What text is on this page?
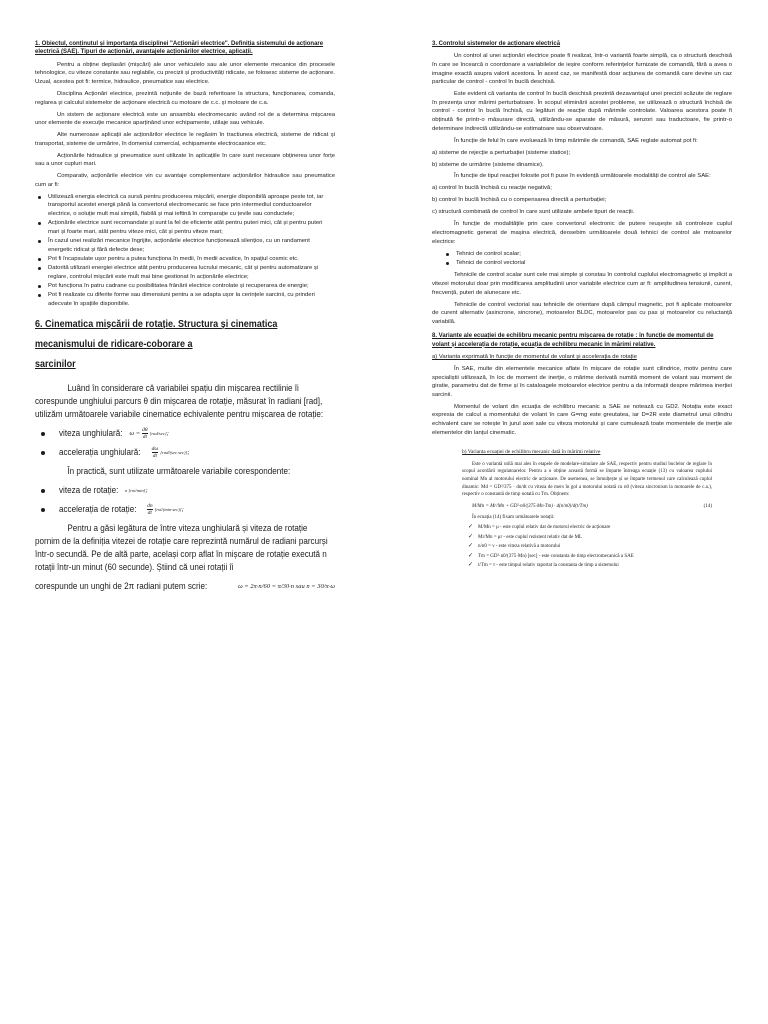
1. Obiectul, conținutul și importanța disciplinei "Acționări electrice". Definiția sistemului de acționare electrică (SAE). Tipuri de acționări, avantajele acționărilor electrice, aplicații.

Pentru a obține deplasări (mișcări) ale unor vehiculelo sau ale unor elemente mecanice din procesele tehnologice, cu viteze constante sau reglabile, cu precizii și productivități ridicate, se folosesc sisteme de acționare. Uzual, acestea pot fi: termice, hidraulice, pneumatice sau electrice.

Disciplina Acționări electrice, prezintă noțiunile de bază referitoare la structura, funcționarea, comanda, reglarea și calculul sistemelor de acționare electrică cu motoare de c.c. și motoare de c.a.

Un sistem de acționare electrică este un ansamblu electromecanic având rol de a determina mișcarea unor elemente de execuție mecanice aparținând unor echipamente, utilaje sau vehicule.

Alte numeroase aplicații ale acționărilor electrice le regăsim în tractiunea electrică, sisteme de ridicat și transportat, sisteme de urmărire, în domeniul comercial, echipamente electrocasnice etc.

Acționările hidraulice și pneumatice sunt utilizate în aplicațiile în care sunt necesare obținerea unor forțe sau a unor cupluri mari.

Comparativ, acționările electrice vin cu avantaje complementare acționărilor hidraulice sau pneumatice cum ar fi:

Utilizează energia electrică ca sursă pentru producerea mișcării, energie disponibilă aproape peste tot, iar transportul acestei energii până la convertorul electromecanic se face prin intermediul conductoarelor electrice, o soluție mult mai simplă, fiabilă și mai ieftină în comparație cu țevile sau conductele;
Acționările electrice sunt recomandate și sunt la fel de eficiente atât pentru puteri mici, cât și pentru puteri mari și foarte mari, atât pentru viteze mici, cât și pentru viteze mari;
În cazul unei realizări mecanice îngrijite, acționările electrice funcționează silențios, cu un randament energetic ridicat și fără defecte dese;
Pot fi încapsulate ușor pentru a putea funcționa în medii, în medii acvatice, în spațiul cosmic etc.
Datorită utilizarii energiei electrice atât pentru producerea lucrului mecanic, cât și pentru automatizare și reglare, controlul mișcării este mult mai bine gestionat în acționările electrice;
Pot funcționa în patru cadrane cu posibilitatea frânării electrice controlate și recuperarea de energie;
Pot fi realizate cu diferite forme sau dimensiuni pentru a se adapta ușor la cerințele sarcinii, cu prinderi adecvate în spațiile disponibile.
6. Cinematica mișcării de rotație. Structura și cinematica mecanismului de ridicare-coborare a
sarcinilor

Luând în considerare că variabilei spațiu din mișcarea rectilinie îi corespunde unghiului parcurs θ din mișcarea de rotație, măsurat în radiani [rad], utilizăm următoarele variabile cinematice echivalente pentru mișcarea de rotație:

viteza unghiulară: $\omega = \frac{d\theta}{dt} [rad/\sec]$ ;
accelerația unghiulară: $\frac{d\omega}{dt} [rad/(\sec\cdot\sec)]$ ;

În practică, sunt utilizate următoarele variabile corespondente:

viteza de rotație: n [rot/min] ;
accelerația de rotație: $\frac{dn}{dt} [rot/(\min\cdot\sec)]$ ;

Pentru a găsi legătura de între viteza unghiulară și viteza de rotație pornim de la definiția vitezei de rotație care reprezintă numărul de radiani parcurși într-o secundă. Pe de altă parte, același corp aflat în mișcare de rotație execută n rotații într-un minut (60 secunde). Știind că unei rotații îi

corespunde un unghi de 2π radiani putem scrie:	ω = 2π·n/60 = π/30·n sau n = 30/π·ω
3. Controlul sistemelor de acționare electrică

Un control al unei acționări electrice poate fi realizat, într-o variantă foarte simplă, ca o structură deschisă în care se încearcă o coordonare a variabilelor de ieșire conform referințelor furnizate de comandă, fără a avea o imagine exactă asupra valorii acestora. În acest caz, se manifestă doar acțiunea de comandă care devine un caz particular de control - control în buclă deschisă.

Este evident că varianta de control în buclă deschisă prezintă dezavantajul unei precizii scăzute de reglare în prezența unor mărimi perturbatoare. În scopul eliminării acestei probleme, se utilizează o structură închisă de control - control în buclă închisă, cu legături de reacție după mărimile controlate. Valoarea acestora poate fi obținută fie printr-o măsurare directă, utilizându-se aparate de măsură, senzori sau traductoare, fie printr-o determinare indirectă utilizându-se estimatoare sau observatoare.

În funcție de felul în care evoluează în timp mărimile de comandă, SAE reglate automat pot fi:

a) sisteme de rejecție a perturbației (sisteme statice);

b) sisteme de urmărire (sisteme dinamice).

În funcție de tipul reacției folosite pot fi puse în evidență următoarele modalități de control ale SAE:

a) control în buclă închisă cu reacție negativă;

b) control în buclă închisă cu o compensarea directă a perturbației;

c) structură combinată de control în care sunt utilizate ambele tipuri de reacții.

În funcție de modalitățile prin care convertorul electronic de putere reușește să controleze cuplul electromagnetic generat de mașina electrică, deosebim următoarele două tehnici de control ale motoarelor electrice:

Tehnici de control scalar;
Tehnici de control vectorial

Tehnicile de control scalar sunt cele mai simple și constau în controlul cuplului electromagnetic și implicit a vitezei motorului doar prin modificarea amplitudinii unor variabile electrice cum ar fi: amplitudinea tensiunii, curent, frecvență, puteri de alunecare etc.

Tehnicile de control vectorial sau tehnicile de orientare după câmpul magnetic, pot fi aplicate motoarelor de curent alternativ (asincrone, sincrone), motoarelor BLDC, motoarelor pas cu pas și motoarelor cu reluctanță variabilă.

8. Variante ale ecuației de echilibru mecanic pentru mișcarea de rotație : în funcție de momentul de volant și accelerația de rotație, ecuația de echilibru mecanic în mărimi relative.

a) Varianta exprimată în funcție de momentul de volant și accelerația de rotație

În SAE, multe din elementele mecanice aflate în mișcare de rotație sunt cilindrice, motiv pentru care specialiștii utilizează, în loc de moment de inerție, o mărime derivată numită moment de volant sau moment de giratie, parametru dat de firme și în cataloagele motoarelor electrice pentru a da informații despre mărimea inerției sarcinii.

Momentul de volant din ecuația de echilibru mecanic a SAE se notează cu GD2. Notația este exact expresia de calcul a momentului de volant în care G=mg este greutatea, iar D=2R este diametrul unui cilindru echivalent care se rotește în jurul axei sale cu viteza motorului și care cumulează toate momentele de inerție ale elementelor din lanțul cinematic.

b) Varianta ecuației de echilibru mecanic dată în mărimi relative

Este o variantă utilă mai ales în etapele de modelare-simulare ale SAE, respectiv pentru studiul buclelor de reglare în scopul acordării regulatoarelor. Pentru a o obține această formă se împarte întreaga ecuație (13) cu valoarea cuplului nominal Mn al motorului electric de acționare. De asemenea, se înmulțește și se împarte termenul care calculează cuplul dinamic: Md = GD²/375 · dn/dt cu viteza de mers în gol a motorului notată cu n0 (viteza sincronism la motoarele de c.a.), respectiv o constantă de timp notată cu Tm. Obținem:

M/Mn = Mr/Mn + GD²·n0/(375·Mn·Tm) · d(n/n0)/d(t/Tm)	(14)

În ecuația (14) fixam următoarele notații:

✓ M/Mn = μ - este cuplul relativ dat de motorul electric de acționare
✓ Mr/Mn = μr - este cuplul rezistent relativ dat de ML
✓ n/n0 = ν - este viteza relativă a motorului
✓ Tm = GD²·n0/(375·Mn) [sec] - este constanta de timp electromecanică a SAE
✓ t/Tm = τ - este timpul relativ raportat la constanta de timp a sistemului
